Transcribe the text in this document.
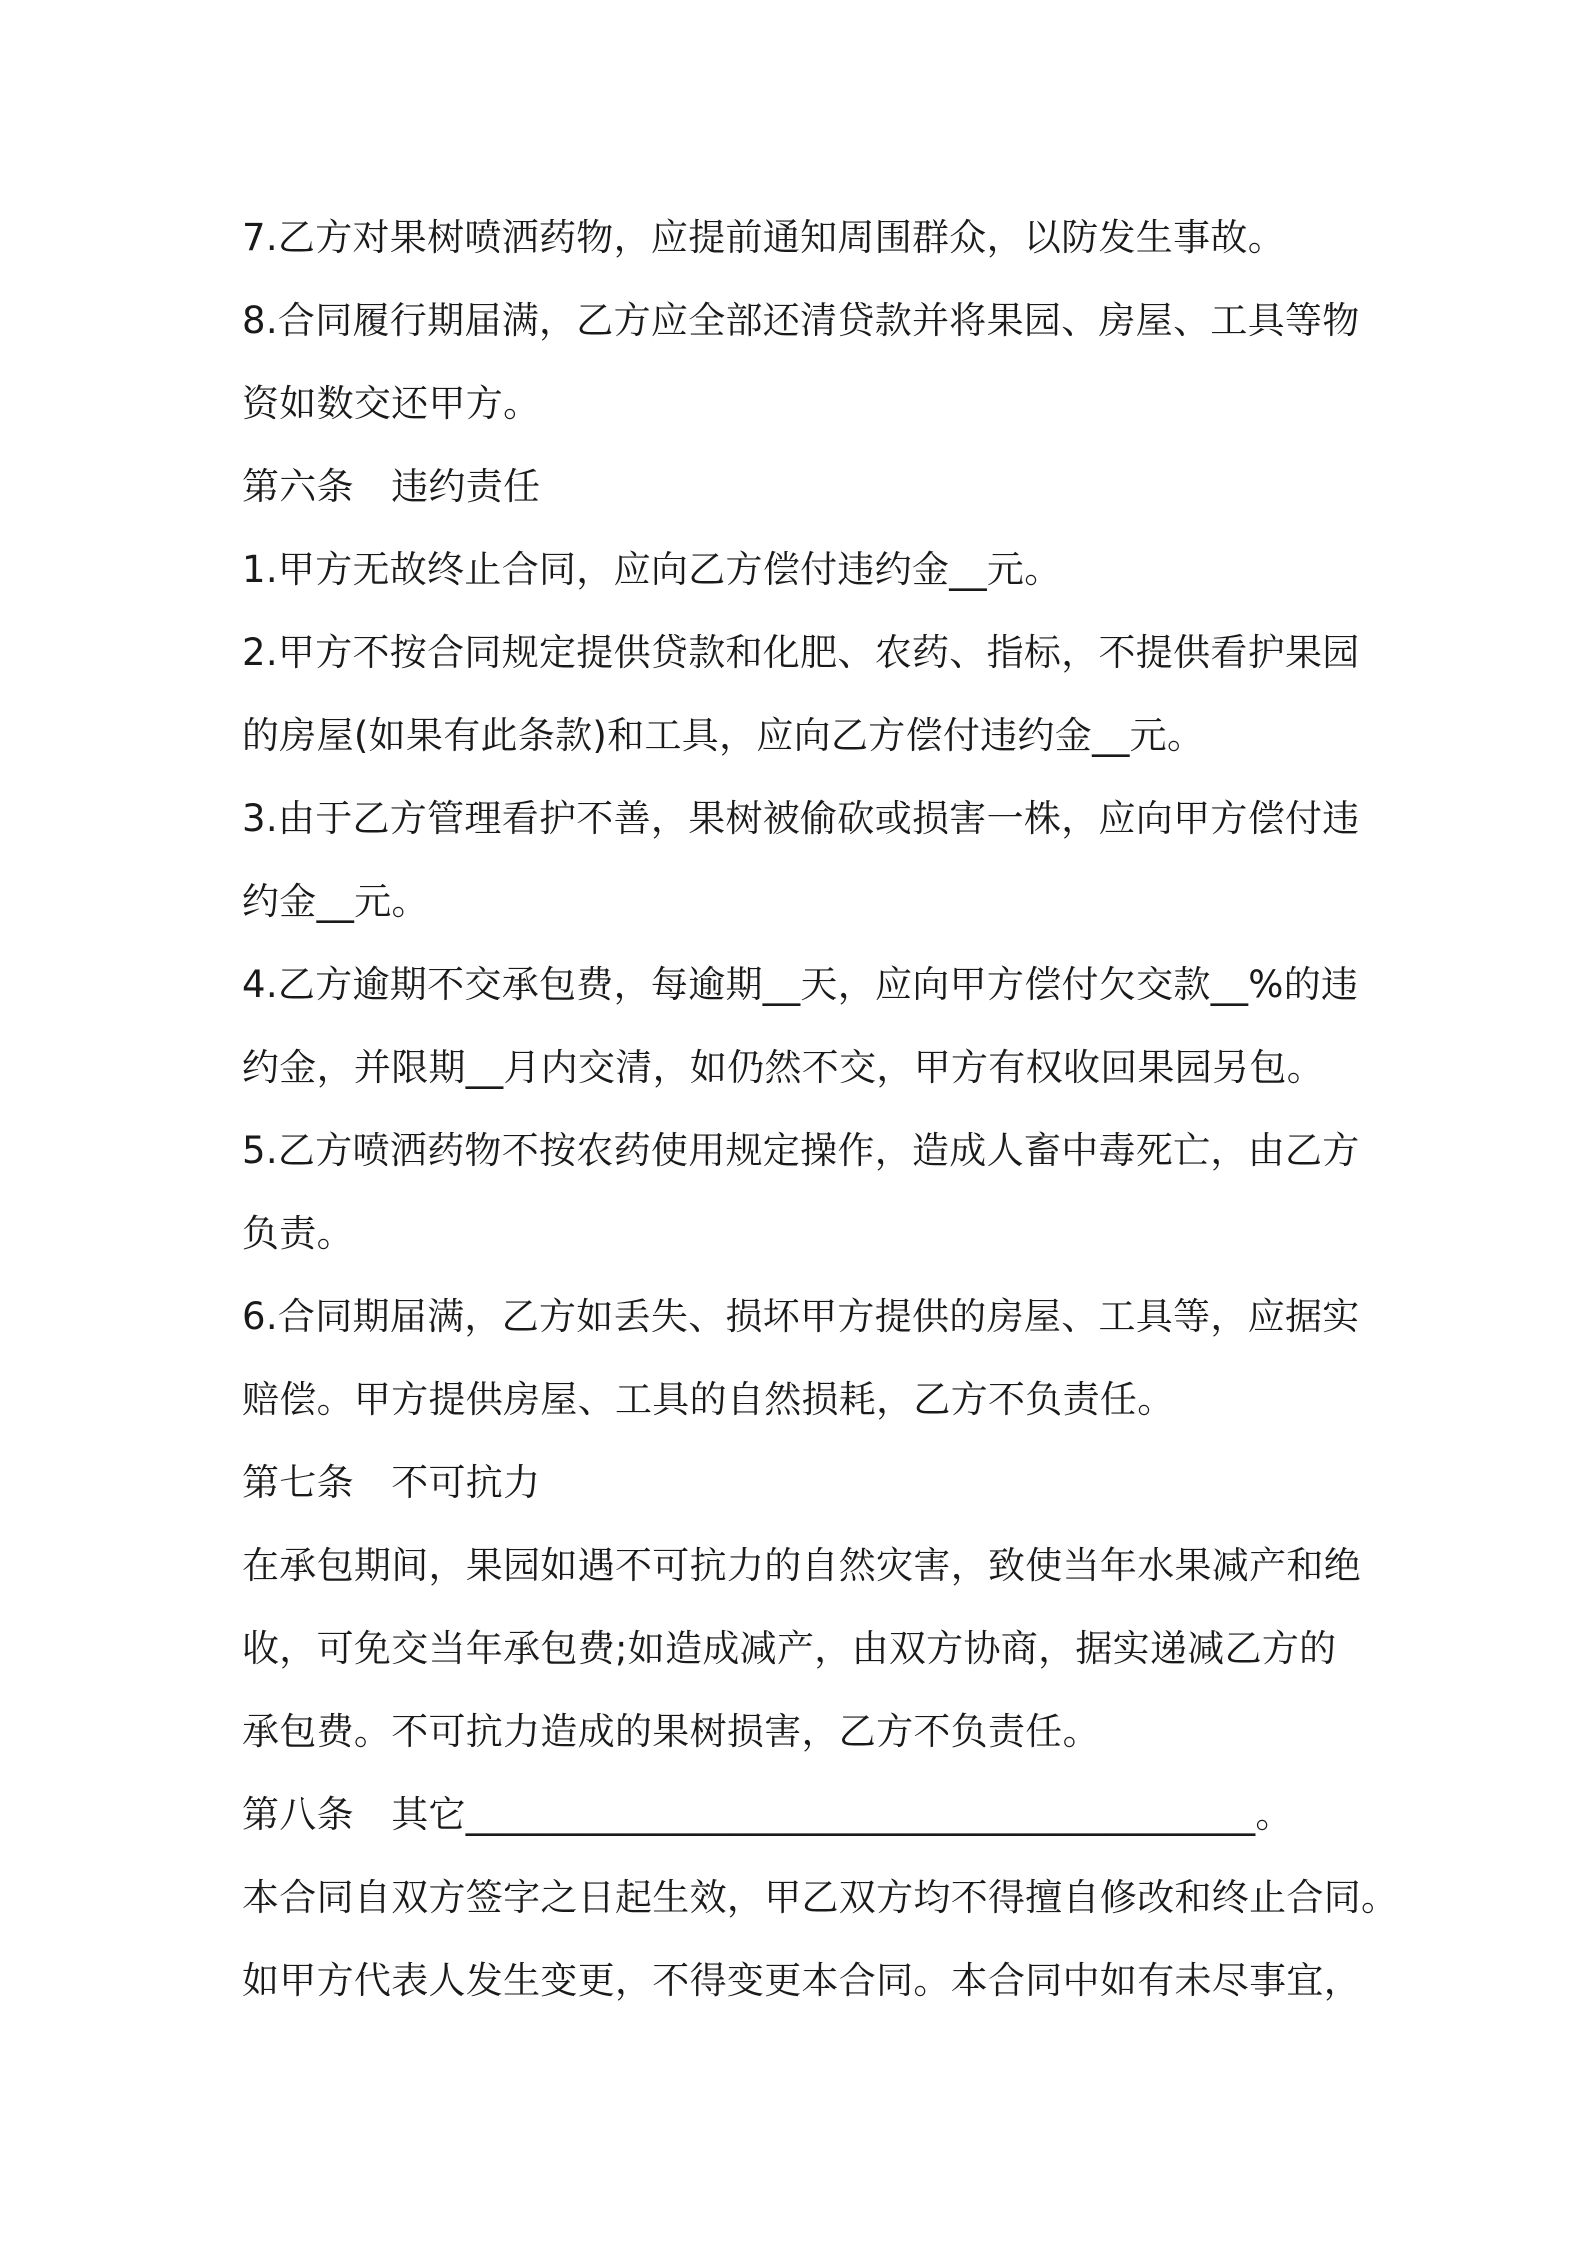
7.乙方对果树喷洒药物，应提前通知周围群众，以防发生事故。
8.合同履行期届满，乙方应全部还清贷款并将果园、房屋、工具等物
资如数交还甲方。
第六条　违约责任
1.甲方无故终止合同，应向乙方偿付违约金__元。
2.甲方不按合同规定提供贷款和化肥、农药、指标，不提供看护果园
的房屋(如果有此条款)和工具，应向乙方偿付违约金__元。
3.由于乙方管理看护不善，果树被偷砍或损害一株，应向甲方偿付违
约金__元。
4.乙方逾期不交承包费，每逾期__天，应向甲方偿付欠交款__%的违
约金，并限期__月内交清，如仍然不交，甲方有权收回果园另包。
5.乙方喷洒药物不按农药使用规定操作，造成人畜中毒死亡，由乙方
负责。
6.合同期届满，乙方如丢失、损坏甲方提供的房屋、工具等，应据实
赔偿。甲方提供房屋、工具的自然损耗，乙方不负责任。
第七条　不可抗力
在承包期间，果园如遇不可抗力的自然灾害，致使当年水果减产和绝
收，可免交当年承包费;如造成减产，由双方协商，据实递减乙方的
承包费。不可抗力造成的果树损害，乙方不负责任。
第八条　其它__________________________________________。
本合同自双方签字之日起生效，甲乙双方均不得擅自修改和终止合同。
如甲方代表人发生变更，不得变更本合同。本合同中如有未尽事宜，
